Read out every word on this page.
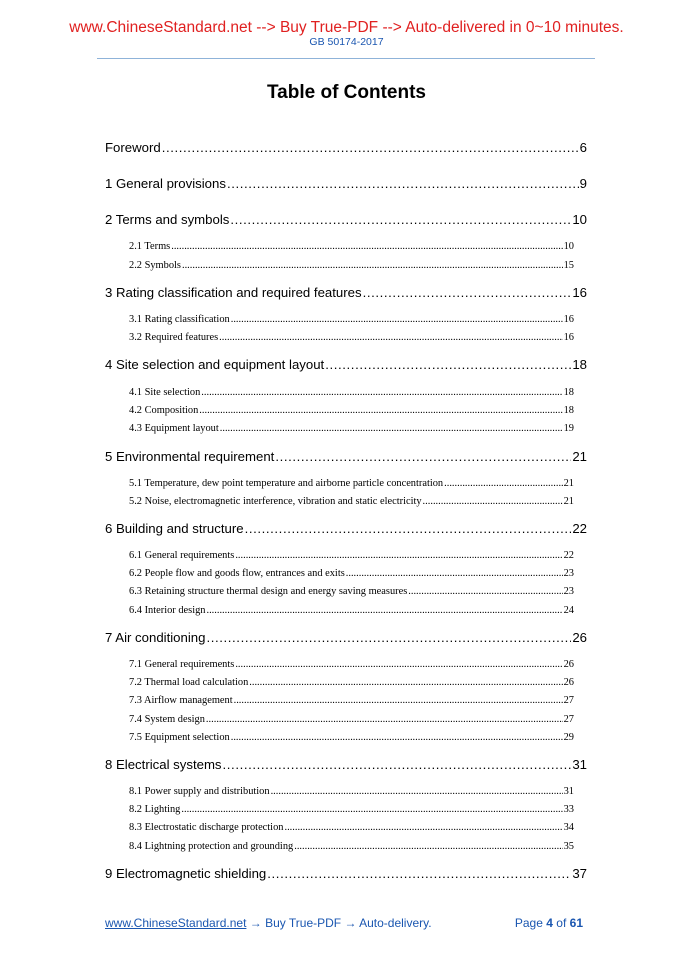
www.ChineseStandard.net --> Buy True-PDF --> Auto-delivered in 0~10 minutes.
GB 50174-2017
Table of Contents
Foreword .....	6
1 General provisions .....	9
2 Terms and symbols .....	10
2.1 Terms .....	10
2.2 Symbols .....	15
3 Rating classification and required features .....	16
3.1 Rating classification .....	16
3.2 Required features .....	16
4 Site selection and equipment layout .....	18
4.1 Site selection .....	18
4.2 Composition .....	18
4.3 Equipment layout .....	19
5 Environmental requirement .....	21
5.1 Temperature, dew point temperature and airborne particle concentration .....	21
5.2 Noise, electromagnetic interference, vibration and static electricity .....	21
6 Building and structure .....	22
6.1 General requirements .....	22
6.2 People flow and goods flow, entrances and exits .....	23
6.3 Retaining structure thermal design and energy saving measures .....	23
6.4 Interior design .....	24
7 Air conditioning .....	26
7.1 General requirements .....	26
7.2 Thermal load calculation .....	26
7.3 Airflow management .....	27
7.4 System design .....	27
7.5 Equipment selection .....	29
8 Electrical systems .....	31
8.1 Power supply and distribution .....	31
8.2 Lighting .....	33
8.3 Electrostatic discharge protection .....	34
8.4 Lightning protection and grounding .....	35
9 Electromagnetic shielding .....	37
www.ChineseStandard.net → Buy True-PDF → Auto-delivery.	Page 4 of 61
